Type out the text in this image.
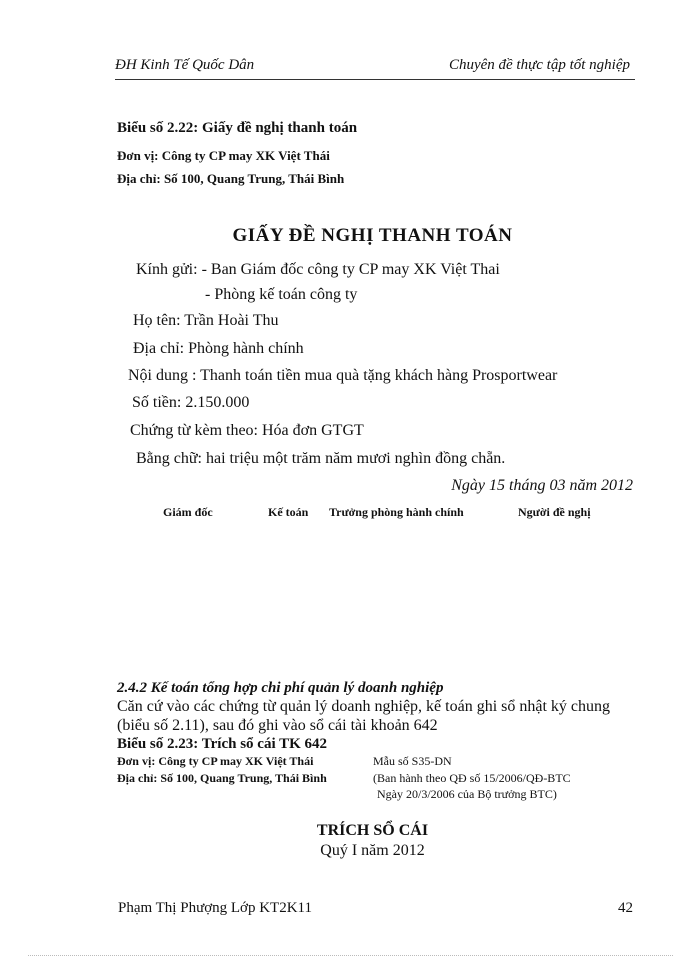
ĐH Kinh Tế Quốc Dân	Chuyên đề thực tập tốt nghiệp
Biểu số 2.22: Giấy đề nghị thanh toán
Đơn vị: Công ty CP may XK Việt Thái
Địa chỉ: Số 100, Quang Trung, Thái Bình
GIẤY ĐỀ NGHỊ THANH TOÁN
Kính gửi: - Ban Giám đốc công ty CP may XK Việt Thai
- Phòng kế toán công ty
Họ tên: Trần Hoài Thu
Địa chỉ: Phòng hành chính
Nội dung : Thanh toán tiền mua quà tặng khách hàng Prosportwear
Số tiền: 2.150.000
Chứng từ kèm theo: Hóa đơn GTGT
Bằng chữ: hai triệu một trăm năm mươi nghìn đồng chẵn.
Ngày 15 tháng 03 năm 2012
Giám đốc	Kế toán Trưởng phòng hành chính	Người đề nghị
2.4.2 Kế toán tổng hợp chi phí quản lý doanh nghiệp
Căn cứ vào các chứng từ quản lý doanh nghiệp, kế toán ghi sổ nhật ký chung
(biểu số 2.11), sau đó ghi vào sổ cái tài khoản 642
Biểu số 2.23: Trích sổ cái TK 642
Đơn vị: Công ty CP may XK Việt Thái
Địa chỉ: Số 100, Quang Trung, Thái Bình
Mẫu số S35-DN
(Ban hành theo QĐ số 15/2006/QĐ-BTC
Ngày 20/3/2006 của Bộ trưởng BTC)
TRÍCH SỔ CÁI
Quý I năm 2012
Phạm Thị Phượng Lớp KT2K11	42
